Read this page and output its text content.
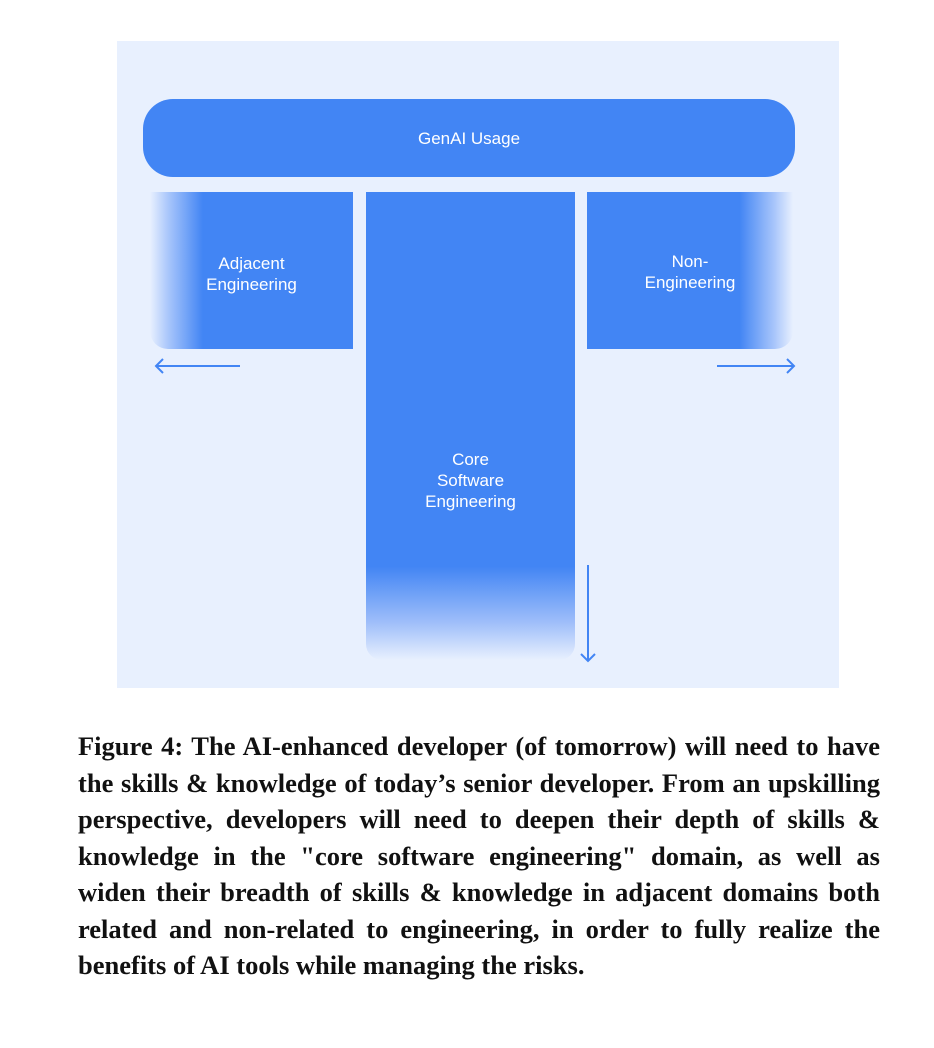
GenAI Usage
Adjacent
Engineering
Core
Software
Engineering
Non-
Engineering
Figure 4: The AI-enhanced developer (of tomorrow) will need to have the skills & knowledge of today’s senior developer. From an upskilling perspective, developers will need to deepen their depth of skills & knowledge in the "core software engineering" domain, as well as widen their breadth of skills & knowledge in adjacent domains both related and non-related to engineering, in order to fully realize the benefits of AI tools while managing the risks.
